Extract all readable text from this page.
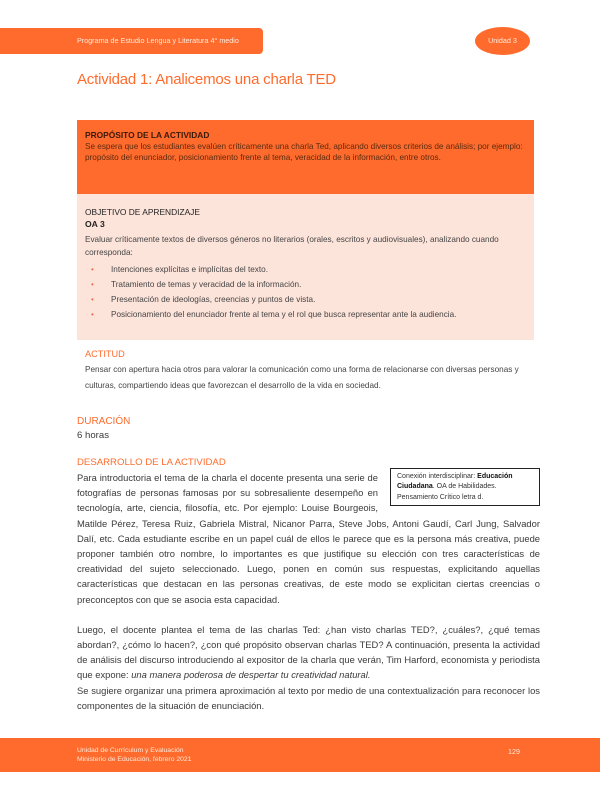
Programa de Estudio Lengua y Literatura 4° medio	Unidad 3
Actividad 1: Analicemos una charla TED
PROPÓSITO DE LA ACTIVIDAD
Se espera que los estudiantes evalúen críticamente una charla Ted, aplicando diversos criterios de análisis; por ejemplo: propósito del enunciador, posicionamiento frente al tema, veracidad de la información, entre otros.
OBJETIVO DE APRENDIZAJE
OA 3
Evaluar críticamente textos de diversos géneros no literarios (orales, escritos y audiovisuales), analizando cuando corresponda:
• Intenciones explícitas e implícitas del texto.
• Tratamiento de temas y veracidad de la información.
• Presentación de ideologías, creencias y puntos de vista.
• Posicionamiento del enunciador frente al tema y el rol que busca representar ante la audiencia.
ACTITUD
Pensar con apertura hacia otros para valorar la comunicación como una forma de relacionarse con diversas personas y culturas, compartiendo ideas que favorezcan el desarrollo de la vida en sociedad.
DURACIÓN
6 horas
DESARROLLO DE LA ACTIVIDAD
Conexión interdisciplinar: Educación Ciudadana. OA de Habilidades. Pensamiento Crítico letra d.

Para introductoria el tema de la charla el docente presenta una serie de fotografías de personas famosas por su sobresaliente desempeño en tecnología, arte, ciencia, filosofía, etc. Por ejemplo: Louise Bourgeois, Matilde Pérez, Teresa Ruiz, Gabriela Mistral, Nicanor Parra, Steve Jobs, Antoni Gaudí, Carl Jung, Salvador Dalí, etc. Cada estudiante escribe en un papel cuál de ellos le parece que es la persona más creativa, puede proponer también otro nombre, lo importantes es que justifique su elección con tres características de creatividad del sujeto seleccionado. Luego, ponen en común sus respuestas, explicitando aquellas características que destacan en las personas creativas, de este modo se explicitan ciertas creencias o preconceptos con que se asocia esta capacidad.

Luego, el docente plantea el tema de las charlas Ted: ¿han visto charlas TED?, ¿cuáles?, ¿qué temas abordan?, ¿cómo lo hacen?, ¿con qué propósito observan charlas TED? A continuación, presenta la actividad de análisis del discurso introduciendo al expositor de la charla que verán, Tim Harford, economista y periodista que expone: una manera poderosa de despertar tu creatividad natural.
Se sugiere organizar una primera aproximación al texto por medio de una contextualización para reconocer los componentes de la situación de enunciación.

Unidad de Currículum y Evaluación
Ministerio de Educación, febrero 2021
129
